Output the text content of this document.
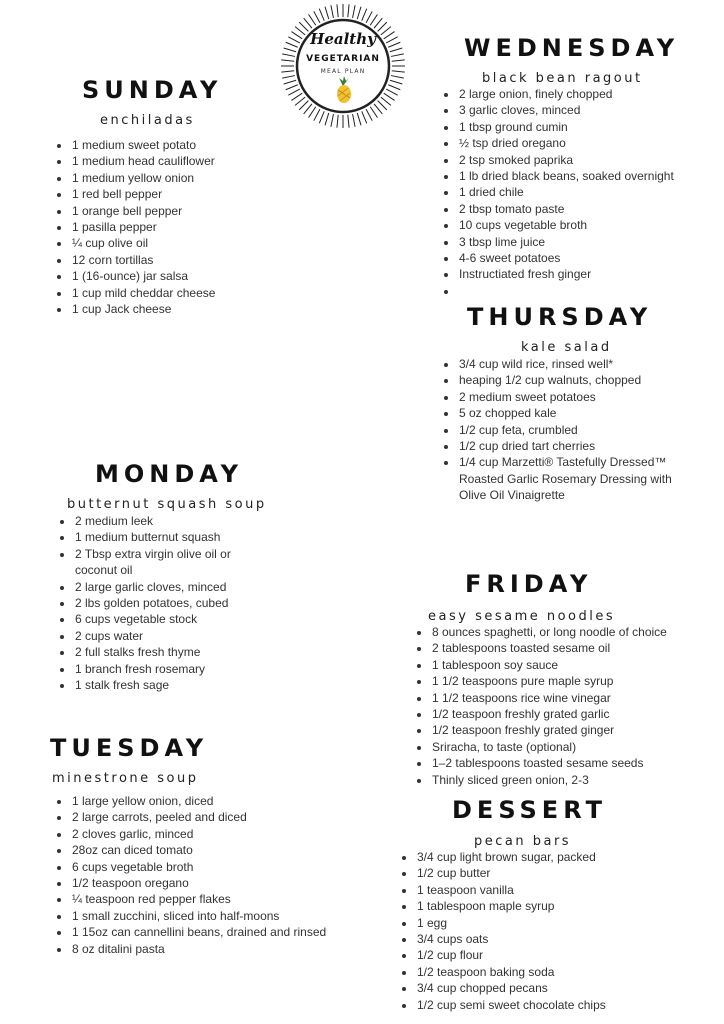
Healthy
VEGETARIAN
MEAL PLAN
SUNDAY
enchiladas
• 1 medium sweet potato
• 1 medium head cauliflower
• 1 medium yellow onion
• 1 red bell pepper
• 1 orange bell pepper
• 1 pasilla pepper
• ¼ cup olive oil
• 12 corn tortillas
• 1 (16-ounce) jar salsa
• 1 cup mild cheddar cheese
• 1 cup Jack cheese
WEDNESDAY
black bean ragout
• 2 large onion, finely chopped
• 3 garlic cloves, minced
• 1 tbsp ground cumin
• ½ tsp dried oregano
• 2 tsp smoked paprika
• 1 lb dried black beans, soaked overnight
• 1 dried chile
• 2 tbsp tomato paste
• 10 cups vegetable broth
• 3 tbsp lime juice
• 4-6 sweet potatoes
• Instructiated fresh ginger
•
THURSDAY
kale salad
• 3/4 cup wild rice, rinsed well*
• heaping 1/2 cup walnuts, chopped
• 2 medium sweet potatoes
• 5 oz chopped kale
• 1/2 cup feta, crumbled
• 1/2 cup dried tart cherries
• 1/4 cup Marzetti® Tastefully Dressed™ Roasted Garlic Rosemary Dressing with Olive Oil Vinaigrette
MONDAY
butternut squash soup
• 2 medium leek
• 1 medium butternut squash
• 2 Tbsp extra virgin olive oil or coconut oil
• 2 large garlic cloves, minced
• 2 lbs golden potatoes, cubed
• 6 cups vegetable stock
• 2 cups water
• 2 full stalks fresh thyme
• 1 branch fresh rosemary
• 1 stalk fresh sage
FRIDAY
easy sesame noodles
• 8 ounces spaghetti, or long noodle of choice
• 2 tablespoons toasted sesame oil
• 1 tablespoon soy sauce
• 1 1/2 teaspoons pure maple syrup
• 1 1/2 teaspoons rice wine vinegar
• 1/2 teaspoon freshly grated garlic
• 1/2 teaspoon freshly grated ginger
• Sriracha, to taste (optional)
• 1–2 tablespoons toasted sesame seeds
• Thinly sliced green onion, 2-3
TUESDAY
minestrone soup
• 1 large yellow onion, diced
• 2 large carrots, peeled and diced
• 2 cloves garlic, minced
• 28oz can diced tomato
• 6 cups vegetable broth
• 1/2 teaspoon oregano
• ¼ teaspoon red pepper flakes
• 1 small zucchini, sliced into half-moons
• 1 15oz can cannellini beans, drained and rinsed
• 8 oz ditalini pasta
DESSERT
pecan bars
• 3/4 cup light brown sugar, packed
• 1/2 cup butter
• 1 teaspoon vanilla
• 1 tablespoon maple syrup
• 1 egg
• 3/4 cups oats
• 1/2 cup flour
• 1/2 teaspoon baking soda
• 3/4 cup chopped pecans
• 1/2 cup semi sweet chocolate chips
